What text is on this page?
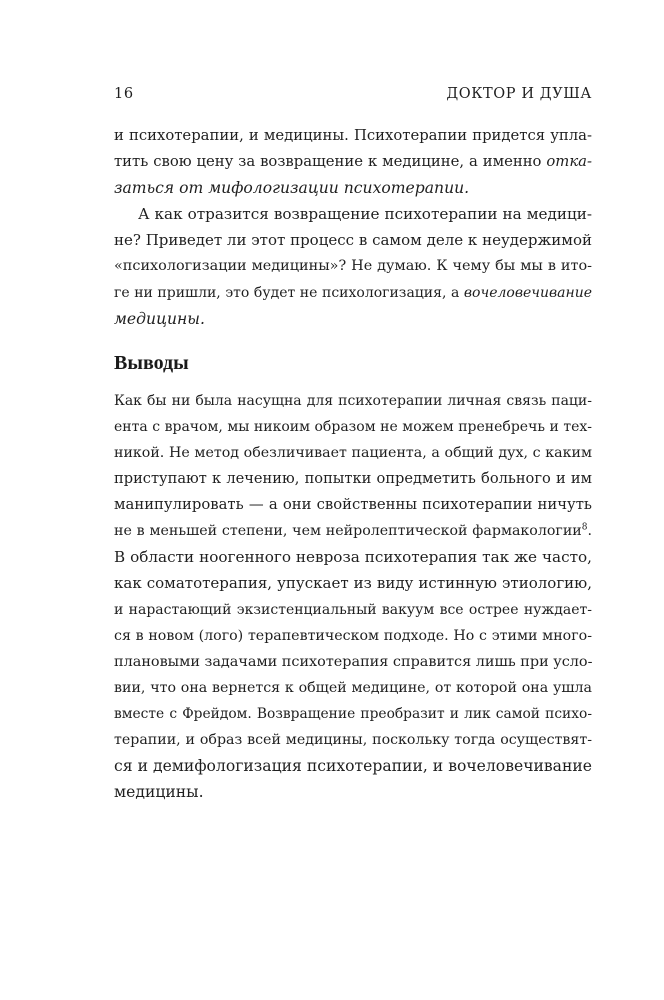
16	ДОКТОР И ДУША
и психотерапии, и медицины. Психотерапии придется упла-
тить свою цену за возвращение к медицине, а именно отка-
заться от мифологизации психотерапии.
А как отразится возвращение психотерапии на медици-
не? Приведет ли этот процесс в самом деле к неудержимой
«психологизации медицины»? Не думаю. К чему бы мы в ито-
ге ни пришли, это будет не психологизация, а вочеловечивание
медицины.
Выводы
Как бы ни была насущна для психотерапии личная связь паци-
ента с врачом, мы никоим образом не можем пренебречь и тех-
никой. Не метод обезличивает пациента, а общий дух, с каким
приступают к лечению, попытки опредметить больного и им
манипулировать — а они свойственны психотерапии ничуть
не в меньшей степени, чем нейролептической фармакологии$^8$.
В области ноогенного невроза психотерапия так же часто,
как соматотерапия, упускает из виду истинную этиологию,
и нарастающий экзистенциальный вакуум все острее нуждает-
ся в новом (лого) терапевтическом подходе. Но с этими много-
плановыми задачами психотерапия справится лишь при усло-
вии, что она вернется к общей медицине, от которой она ушла
вместе с Фрейдом. Возвращение преобразит и лик самой психо-
терапии, и образ всей медицины, поскольку тогда осуществят-
ся и демифологизация психотерапии, и вочеловечивание
медицины.
